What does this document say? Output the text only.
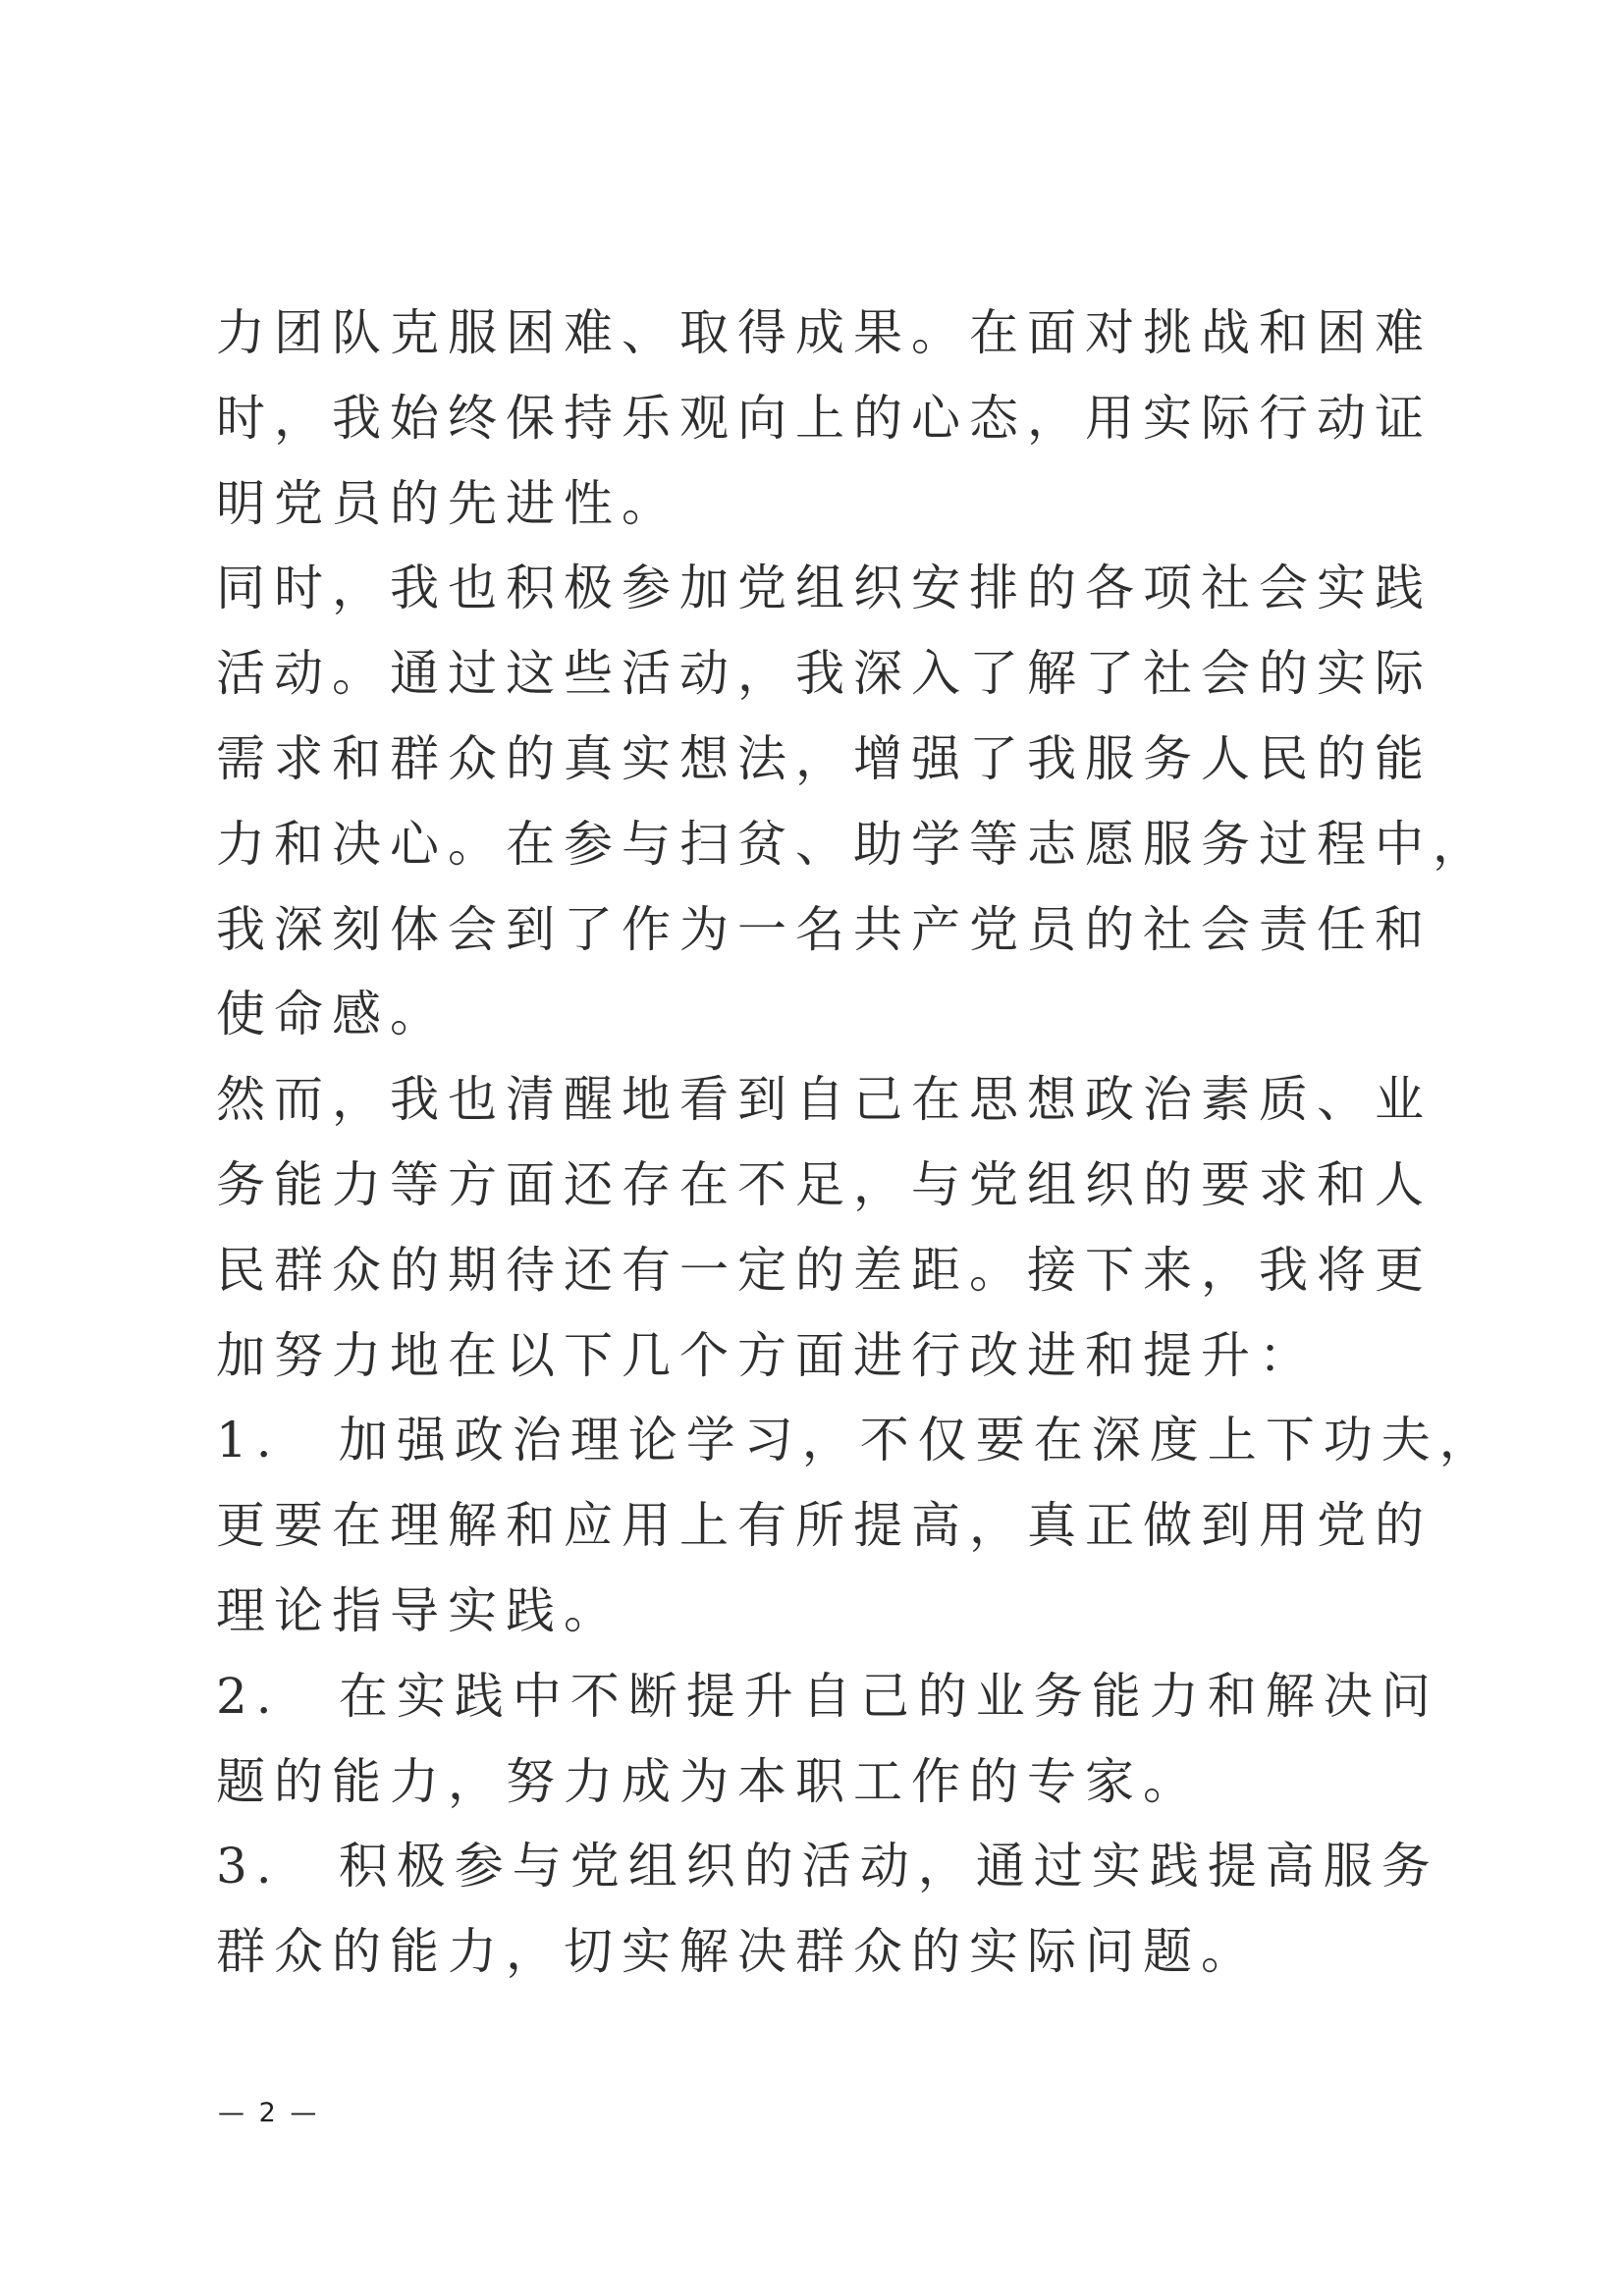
力团队克服困难、取得成果。在面对挑战和困难
时，我始终保持乐观向上的心态，用实际行动证
明党员的先进性。
同时，我也积极参加党组织安排的各项社会实践
活动。通过这些活动，我深入了解了社会的实际
需求和群众的真实想法，增强了我服务人民的能
力和决心。在参与扫贫、助学等志愿服务过程中，
我深刻体会到了作为一名共产党员的社会责任和
使命感。
然而，我也清醒地看到自己在思想政治素质、业
务能力等方面还存在不足，与党组织的要求和人
民群众的期待还有一定的差距。接下来，我将更
加努力地在以下几个方面进行改进和提升：
1.　加强政治理论学习，不仅要在深度上下功夫，
更要在理解和应用上有所提高，真正做到用党的
理论指导实践。
2.　在实践中不断提升自己的业务能力和解决问
题的能力，努力成为本职工作的专家。
3.　积极参与党组织的活动，通过实践提高服务
群众的能力，切实解决群众的实际问题。
— 2 —
